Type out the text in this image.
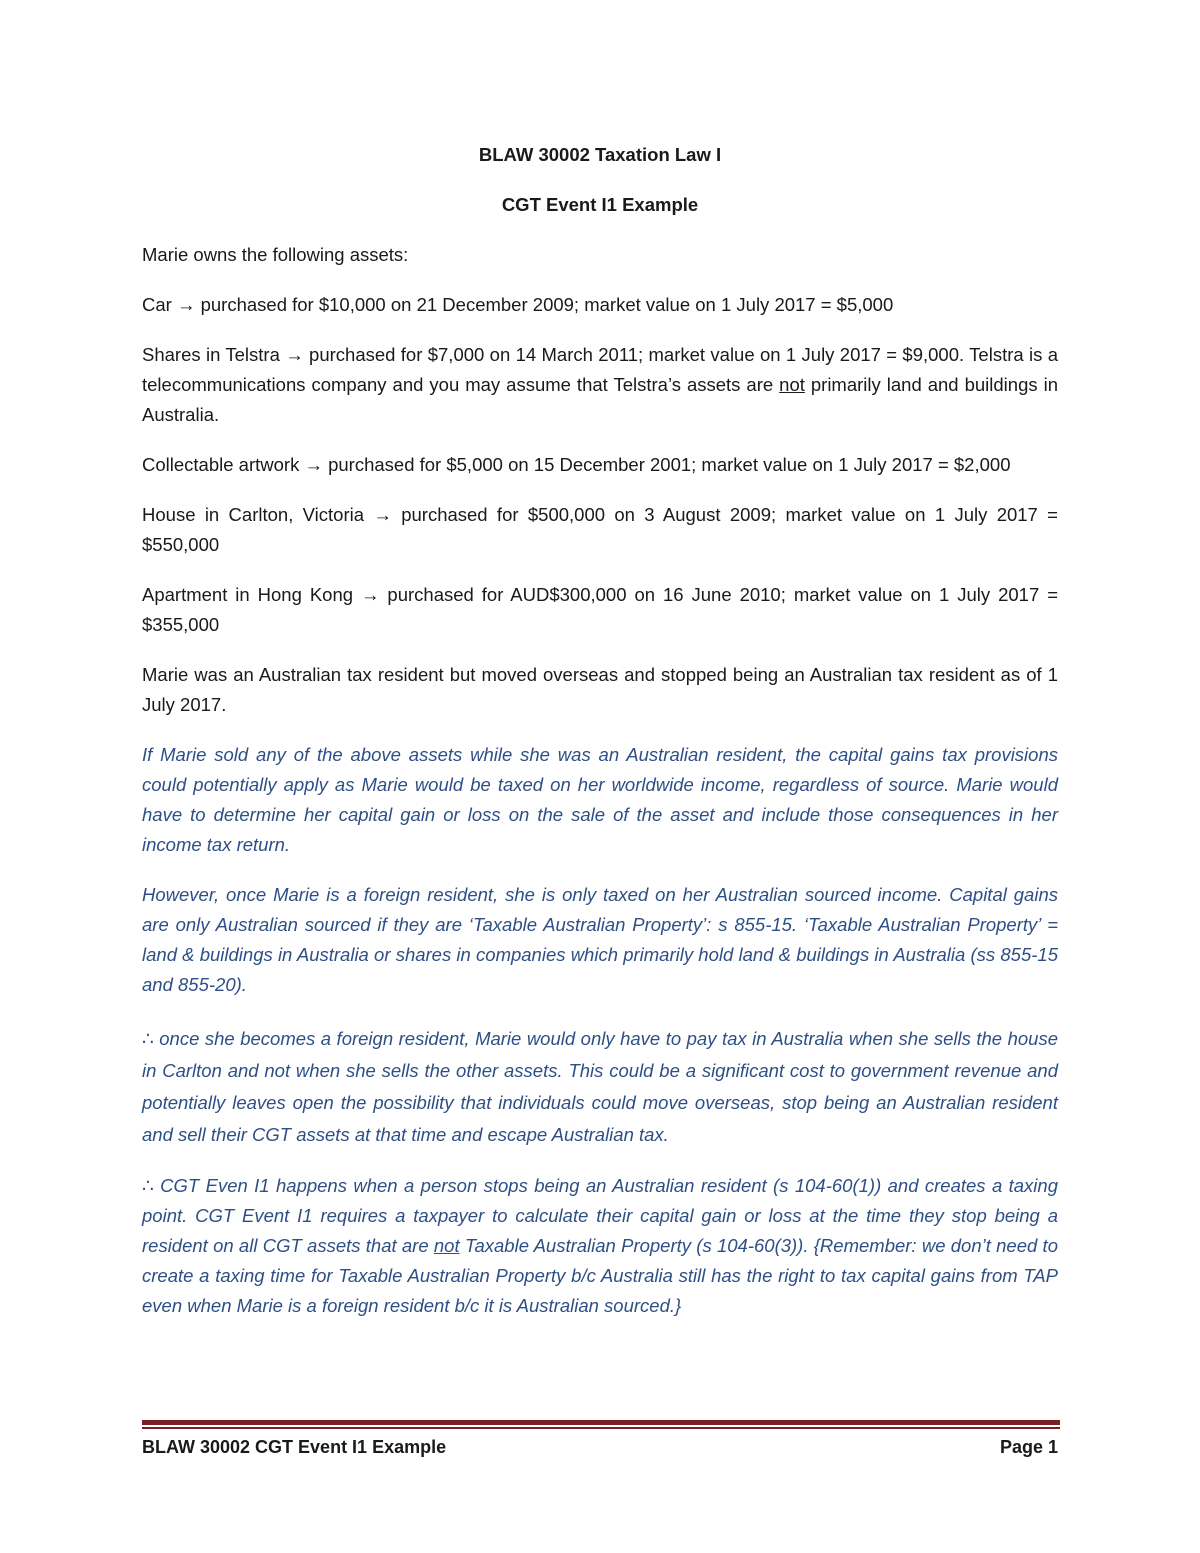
BLAW 30002 Taxation Law I

CGT Event I1 Example

Marie owns the following assets:

Car → purchased for $10,000 on 21 December 2009; market value on 1 July 2017 = $5,000

Shares in Telstra → purchased for $7,000 on 14 March 2011; market value on 1 July 2017 = $9,000. Telstra is a telecommunications company and you may assume that Telstra’s assets are not primarily land and buildings in Australia.

Collectable artwork → purchased for $5,000 on 15 December 2001; market value on 1 July 2017 = $2,000

House in Carlton, Victoria → purchased for $500,000 on 3 August 2009; market value on 1 July 2017 = $550,000

Apartment in Hong Kong → purchased for AUD$300,000 on 16 June 2010; market value on 1 July 2017 = $355,000

Marie was an Australian tax resident but moved overseas and stopped being an Australian tax resident as of 1 July 2017.

If Marie sold any of the above assets while she was an Australian resident, the capital gains tax provisions could potentially apply as Marie would be taxed on her worldwide income, regardless of source. Marie would have to determine her capital gain or loss on the sale of the asset and include those consequences in her income tax return.

However, once Marie is a foreign resident, she is only taxed on her Australian sourced income. Capital gains are only Australian sourced if they are ‘Taxable Australian Property’: s 855-15. ‘Taxable Australian Property’ = land & buildings in Australia or shares in companies which primarily hold land & buildings in Australia (ss 855-15 and 855-20).

∴ once she becomes a foreign resident, Marie would only have to pay tax in Australia when she sells the house in Carlton and not when she sells the other assets. This could be a significant cost to government revenue and potentially leaves open the possibility that individuals could move overseas, stop being an Australian resident and sell their CGT assets at that time and escape Australian tax.

∴ CGT Even I1 happens when a person stops being an Australian resident (s 104-60(1)) and creates a taxing point. CGT Event I1 requires a taxpayer to calculate their capital gain or loss at the time they stop being a resident on all CGT assets that are not Taxable Australian Property (s 104-60(3)). {Remember: we don’t need to create a taxing time for Taxable Australian Property b/c Australia still has the right to tax capital gains from TAP even when Marie is a foreign resident b/c it is Australian sourced.}

BLAW 30002 CGT Event I1 Example	Page 1
